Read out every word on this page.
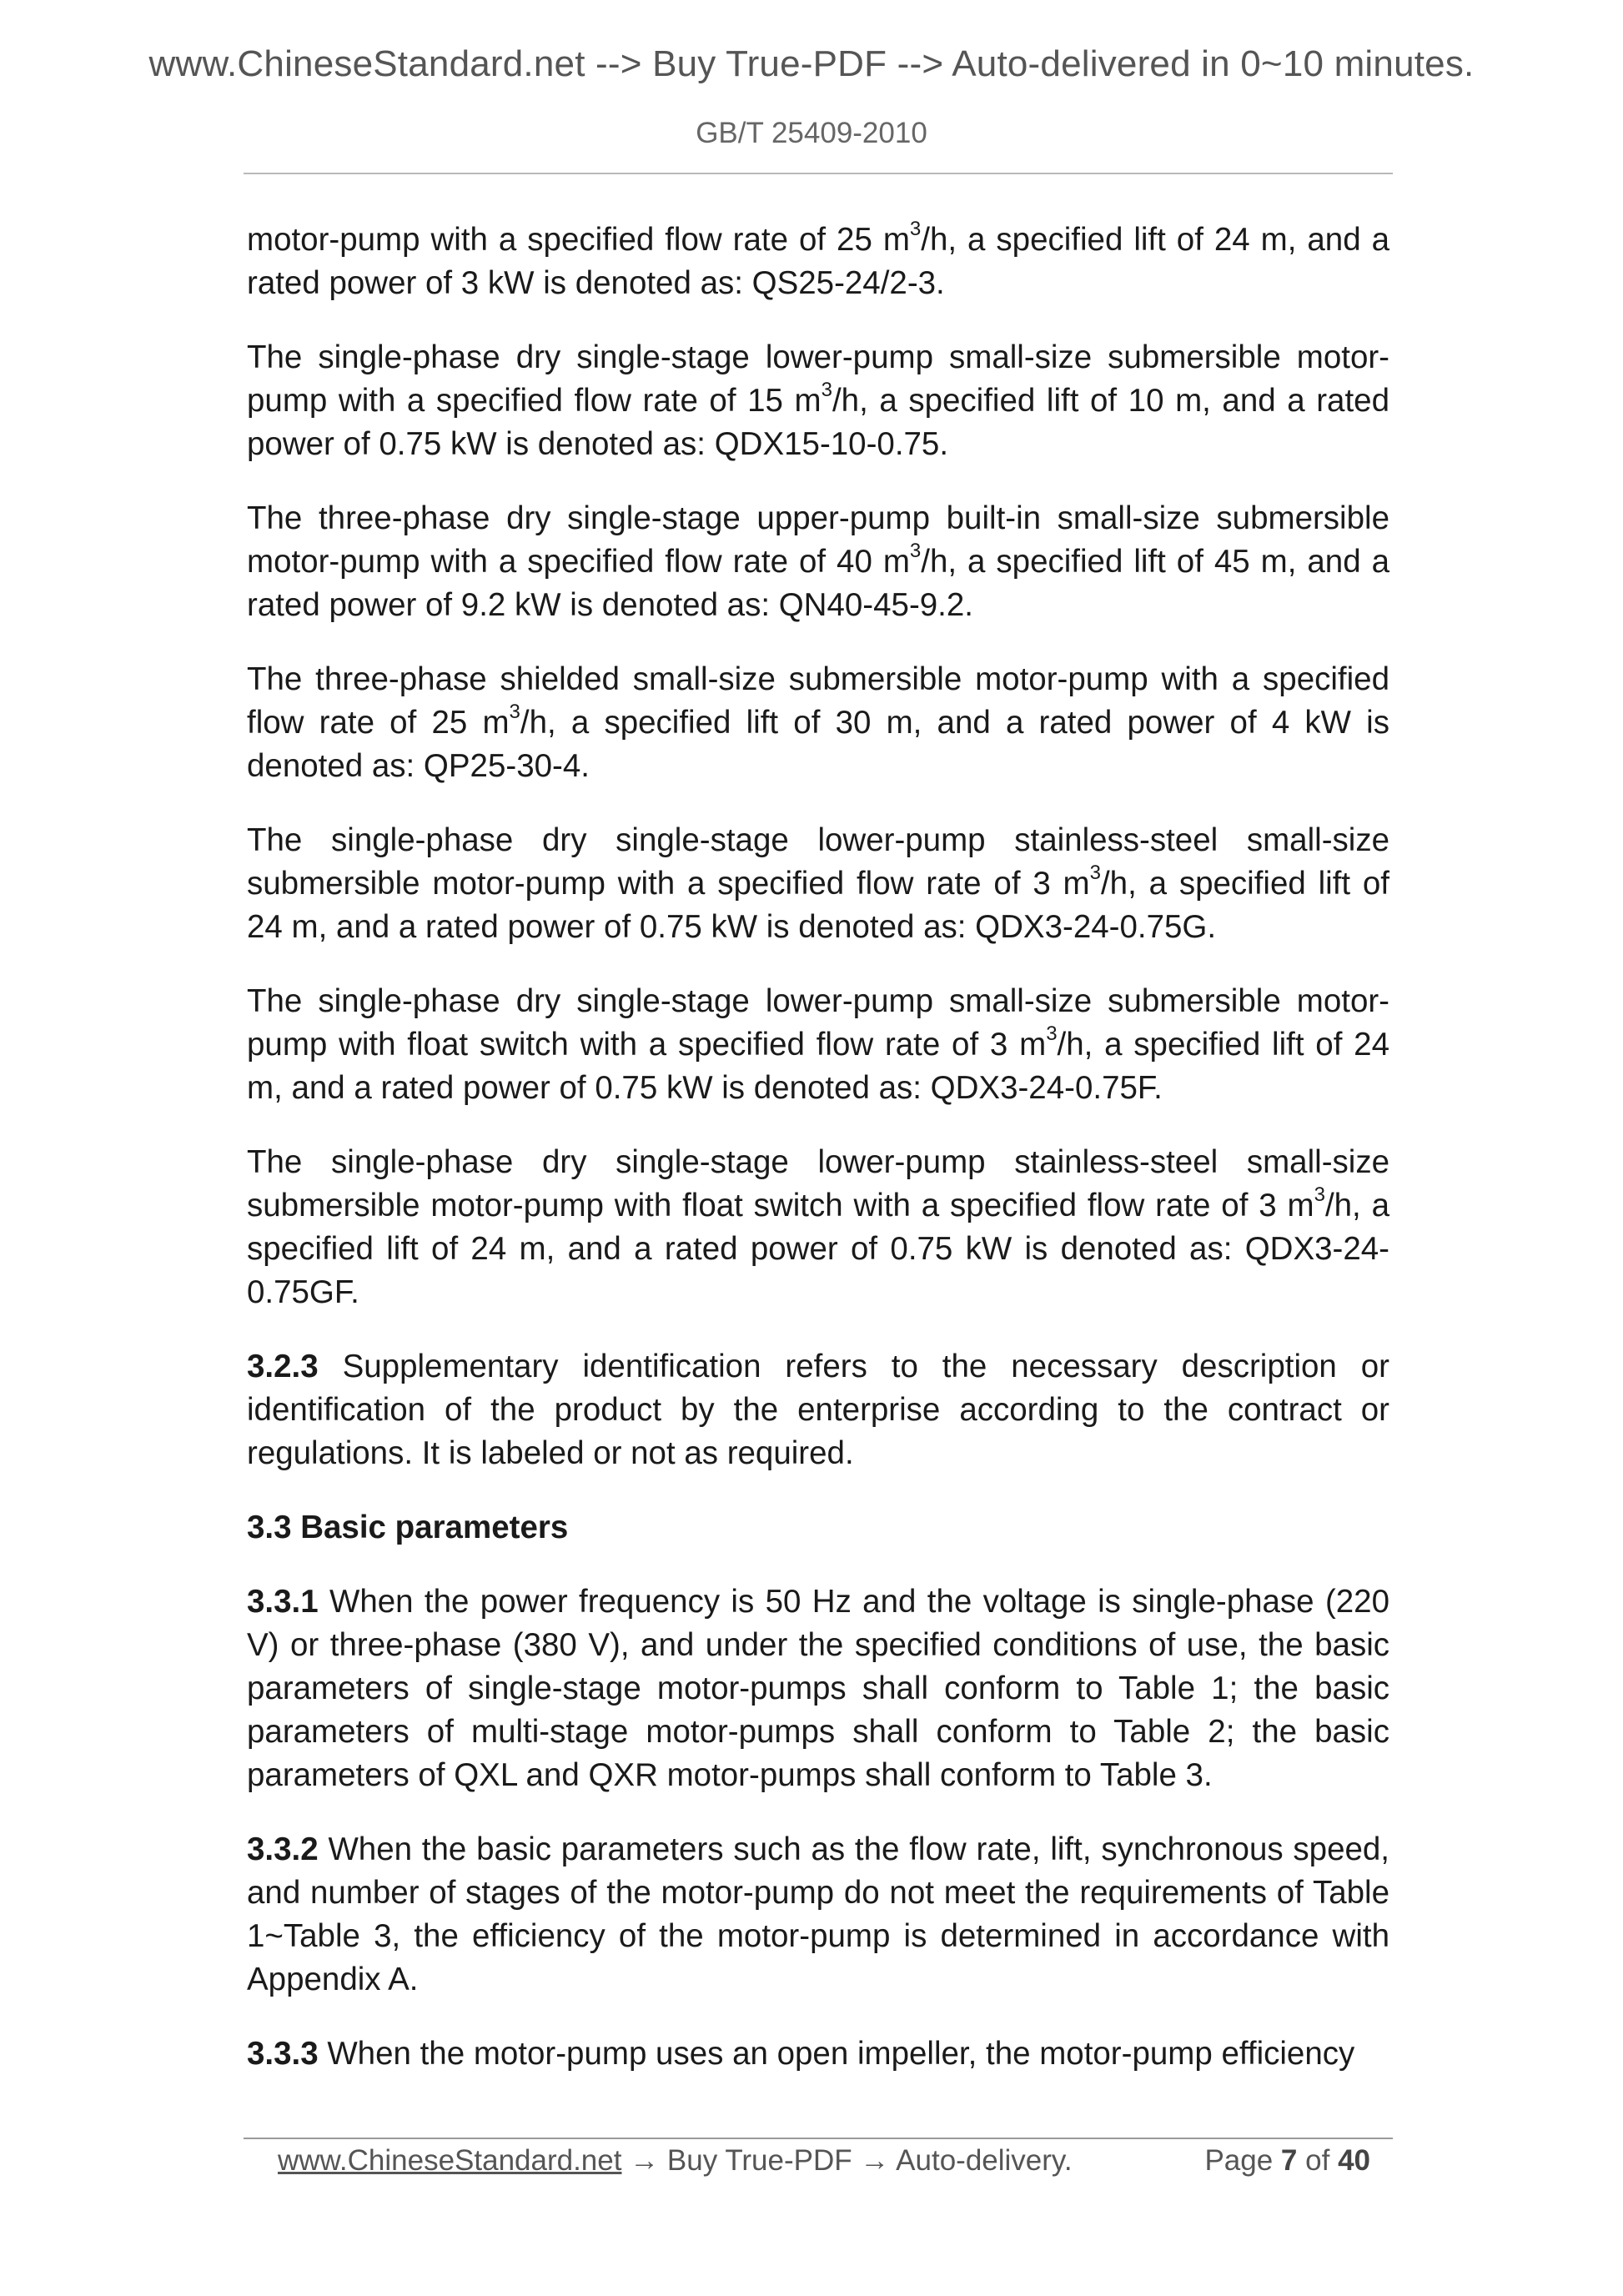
www.ChineseStandard.net --> Buy True-PDF --> Auto-delivered in 0~10 minutes.
GB/T 25409-2010

motor-pump with a specified flow rate of 25 $m^3/h$, a specified lift of 24 m, and a rated power of 3 kW is denoted as: QS25-24/2-3.

The single-phase dry single-stage lower-pump small-size submersible motor-pump with a specified flow rate of 15 $m^3/h$, a specified lift of 10 m, and a rated power of 0.75 kW is denoted as: QDX15-10-0.75.

The three-phase dry single-stage upper-pump built-in small-size submersible motor-pump with a specified flow rate of 40 $m^3/h$, a specified lift of 45 m, and a rated power of 9.2 kW is denoted as: QN40-45-9.2.

The three-phase shielded small-size submersible motor-pump with a specified flow rate of 25 $m^3/h$, a specified lift of 30 m, and a rated power of 4 kW is denoted as: QP25-30-4.

The single-phase dry single-stage lower-pump stainless-steel small-size submersible motor-pump with a specified flow rate of 3 $m^3/h$, a specified lift of 24 m, and a rated power of 0.75 kW is denoted as: QDX3-24-0.75G.

The single-phase dry single-stage lower-pump small-size submersible motor-pump with float switch with a specified flow rate of 3 $m^3/h$, a specified lift of 24 m, and a rated power of 0.75 kW is denoted as: QDX3-24-0.75F.

The single-phase dry single-stage lower-pump stainless-steel small-size submersible motor-pump with float switch with a specified flow rate of 3 $m^3/h$, a specified lift of 24 m, and a rated power of 0.75 kW is denoted as: QDX3-24-0.75GF.

3.2.3 Supplementary identification refers to the necessary description or identification of the product by the enterprise according to the contract or regulations. It is labeled or not as required.

3.3 Basic parameters

3.3.1 When the power frequency is 50 Hz and the voltage is single-phase (220 V) or three-phase (380 V), and under the specified conditions of use, the basic parameters of single-stage motor-pumps shall conform to Table 1; the basic parameters of multi-stage motor-pumps shall conform to Table 2; the basic parameters of QXL and QXR motor-pumps shall conform to Table 3.

3.3.2 When the basic parameters such as the flow rate, lift, synchronous speed, and number of stages of the motor-pump do not meet the requirements of Table 1~Table 3, the efficiency of the motor-pump is determined in accordance with Appendix A.

3.3.3 When the motor-pump uses an open impeller, the motor-pump efficiency

www.ChineseStandard.net → Buy True-PDF → Auto-delivery.	Page 7 of 40
